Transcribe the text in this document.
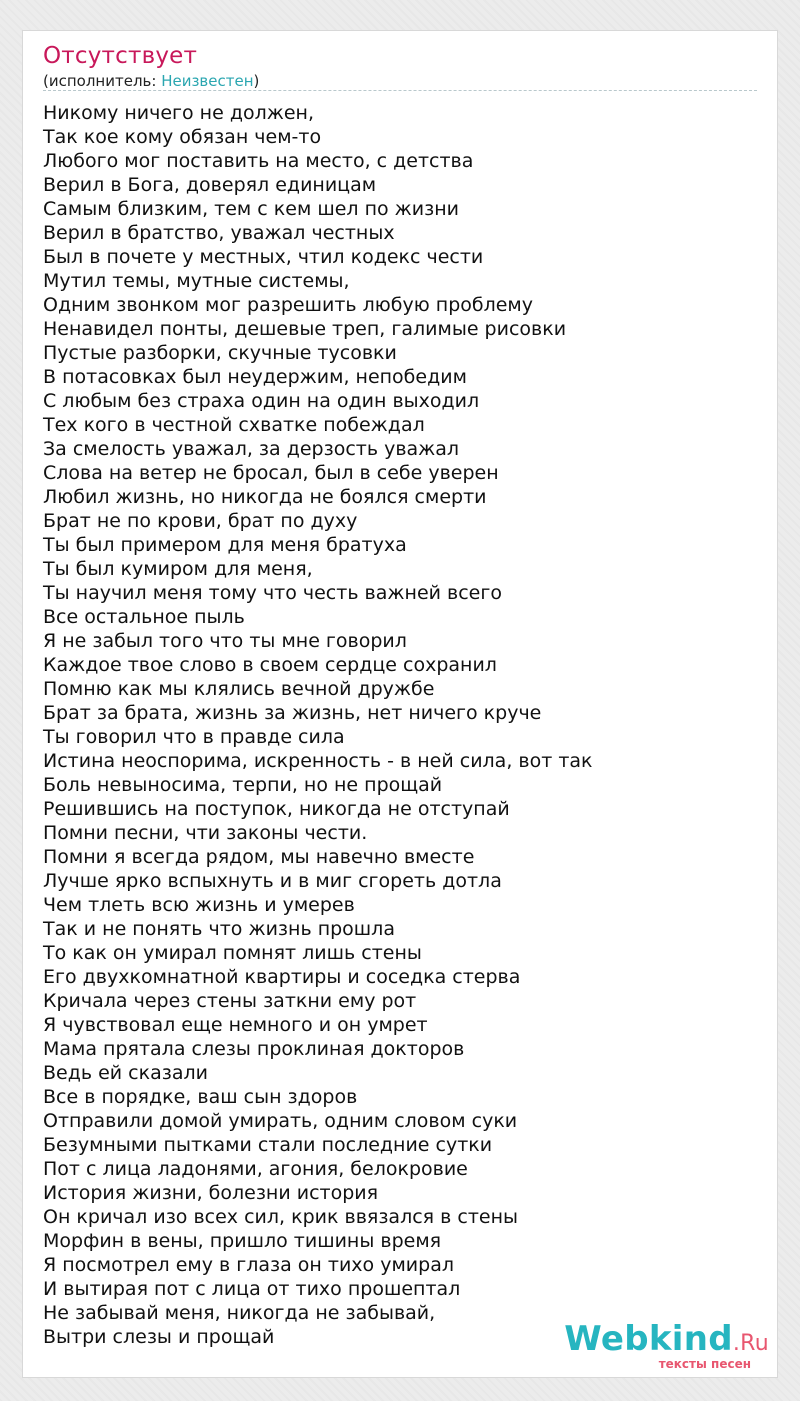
Отсутствует
(исполнитель: Неизвестен)
Никому ничего не должен,
Так кое кому обязан чем-то
Любого мог поставить на место, с детства
Верил в Бога, доверял единицам
Самым близким, тем с кем шел по жизни
Верил в братство, уважал честных
Был в почете у местных, чтил кодекс чести
Мутил темы, мутные системы,
Одним звонком мог разрешить любую проблему
Ненавидел понты, дешевые треп, галимые рисовки
Пустые разборки, скучные тусовки
В потасовках был неудержим, непобедим
С любым без страха один на один выходил
Тех кого в честной схватке побеждал
За смелость уважал, за дерзость уважал
Слова на ветер не бросал, был в себе уверен
Любил жизнь, но никогда не боялся смерти
Брат не по крови, брат по духу
Ты был примером для меня братуха
Ты был кумиром для меня,
Ты научил меня тому что честь важней всего
Все остальное пыль
Я не забыл того что ты мне говорил
Каждое твое слово в своем сердце сохранил
Помню как мы клялись вечной дружбе
Брат за брата, жизнь за жизнь, нет ничего круче
Ты говорил что в правде сила
Истина неоспорима, искренность - в ней сила, вот так
Боль невыносима, терпи, но не прощай
Решившись на поступок, никогда не отступай
Помни песни, чти законы чести.
Помни я всегда рядом, мы навечно вместе
Лучше ярко вспыхнуть и в миг сгореть дотла
Чем тлеть всю жизнь и умерев
Так и не понять что жизнь прошла
То как он умирал помнят лишь стены
Его двухкомнатной квартиры и соседка стерва
Кричала через стены заткни ему рот
Я чувствовал еще немного и он умрет
Мама прятала слезы проклиная докторов
Ведь ей сказали
Все в порядке, ваш сын здоров
Отправили домой умирать, одним словом суки
Безумными пытками стали последние сутки
Пот с лица ладонями, агония, белокровие
История жизни, болезни история
Он кричал изо всех сил, крик ввязался в стены
Морфин в вены, пришло тишины время
Я посмотрел ему в глаза он тихо умирал
И вытирая пот с лица от тихо прошептал
Не забывай меня, никогда не забывай,
Вытри слезы и прощай	Webkind.Ru
тексты песен
